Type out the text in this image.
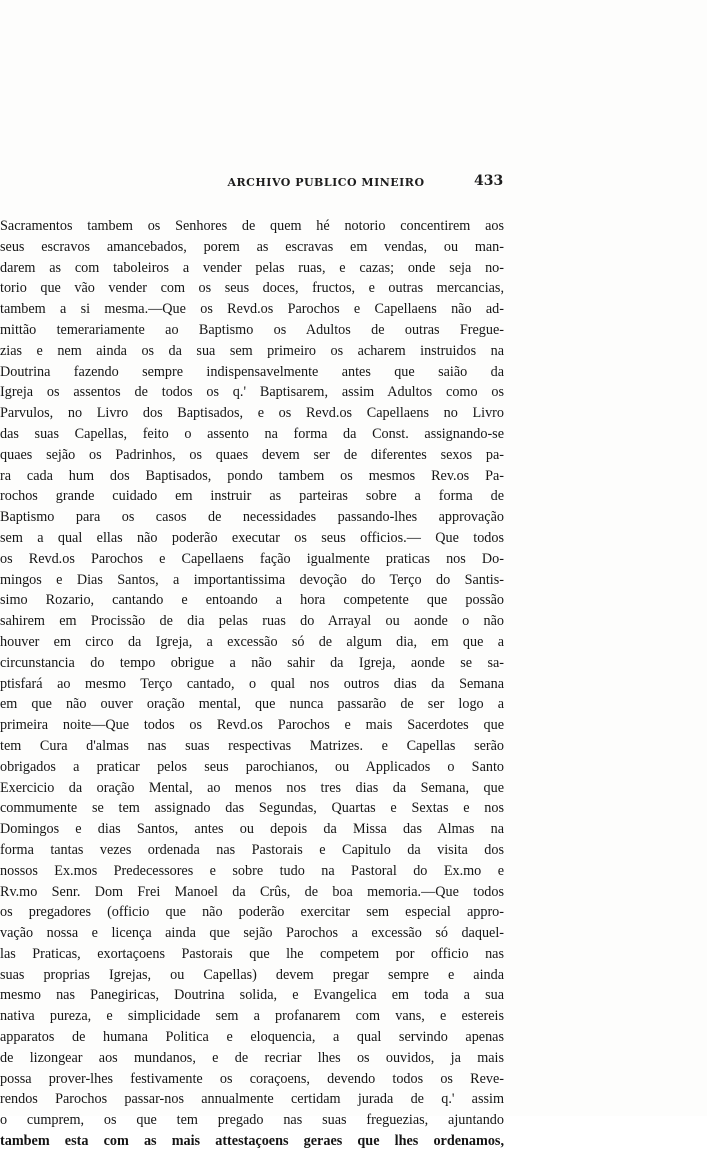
ARCHIVO PUBLICO MINEIRO	433
Sacramentos tambem os Senhores de quem hé notorio concentirem aos
seus escravos amancebados, porem as escravas em vendas, ou man-
darem as com taboleiros a vender pelas ruas, e cazas; onde seja no-
torio que vão vender com os seus doces, fructos, e outras mercancias,
tambem a si mesma.—Que os Revd.os Parochos e Capellaens não ad-
mittão temerariamente ao Baptismo os Adultos de outras Fregue-
zias e nem ainda os da sua sem primeiro os acharem instruidos na
Doutrina fazendo sempre indispensavelmente antes que saião da
Igreja os assentos de todos os q.' Baptisarem, assim Adultos como os
Parvulos, no Livro dos Baptisados, e os Revd.os Capellaens no Livro
das suas Capellas, feito o assento na forma da Const. assignando-se
quaes sejão os Padrinhos, os quaes devem ser de diferentes sexos pa-
ra cada hum dos Baptisados, pondo tambem os mesmos Rev.os Pa-
rochos grande cuidado em instruir as parteiras sobre a forma de
Baptismo para os casos de necessidades passando-lhes approvação
sem a qual ellas não poderão executar os seus officios.— Que todos
os Revd.os Parochos e Capellaens façãо igualmente praticas nos Do-
mingos e Dias Santos, a importantissima devoção do Terço do Santis-
simo Rozario, cantando e entoando a hora competente que possão
sahirem em Procissão de dia pelas ruas do Arrayal ou aonde o não
houver em circo da Igreja, a excessão só de algum dia, em que a
circunstancia do tempo obrigue a não sahir da Igreja, aonde se sa-
ptisfará ao mesmo Terço cantado, o qual nos outros dias da Semana
em que não ouver oração mental, que nunca passarão de ser logo a
primeira noite—Que todos os Revd.os Parochos e mais Sacerdotes que
tem Cura d'almas nas suas respectivas Matrizes. e Capellas serão
obrigados a praticar pelos seus parochianos, ou Applicados o Santo
Exercicio da oração Mental, ao menos nos tres dias da Semana, que
commumente se tem assignado das Segundas, Quartas e Sextas e nos
Domingos e dias Santos, antes ou depois da Missa das Almas na
forma tantas vezes ordenada nas Pastorais e Capitulo da visita dos
nossos Ex.mos Predecessores e sobre tudo na Pastoral do Ex.mo e
Rv.mo Senr. Dom Frei Manoel da Crûs, de boa memoria.—Que todos
os pregadores (officio que não poderão exercitar sem especial appro-
vação nossa e licença ainda que sejão Parochos a excessão só daquel-
las Praticas, exortaçoens Pastorais que lhe competem por officio nas
suas proprias Igrejas, ou Capellas) devem pregar sempre e ainda
mesmo nas Panegiricas, Doutrina solida, e Evangelica em toda a sua
nativa pureza, e simplicidade sem a profanarem com vans, e estereis
apparatos de humana Politica e eloquencia, a qual servindo apenas
de lizongear aos mundanos, e de recriar lhes os ouvidos, ja mais
possa prover-lhes festivamente os coraçoens, devendo todos os Reve-
rendos Parochos passar-nos annualmente certidam jurada de q.' assim
o cumprem, os que tem pregado nas suas freguezias, ajuntando
tambem esta com as mais attestaçoens geraes que lhes ordenamos,
